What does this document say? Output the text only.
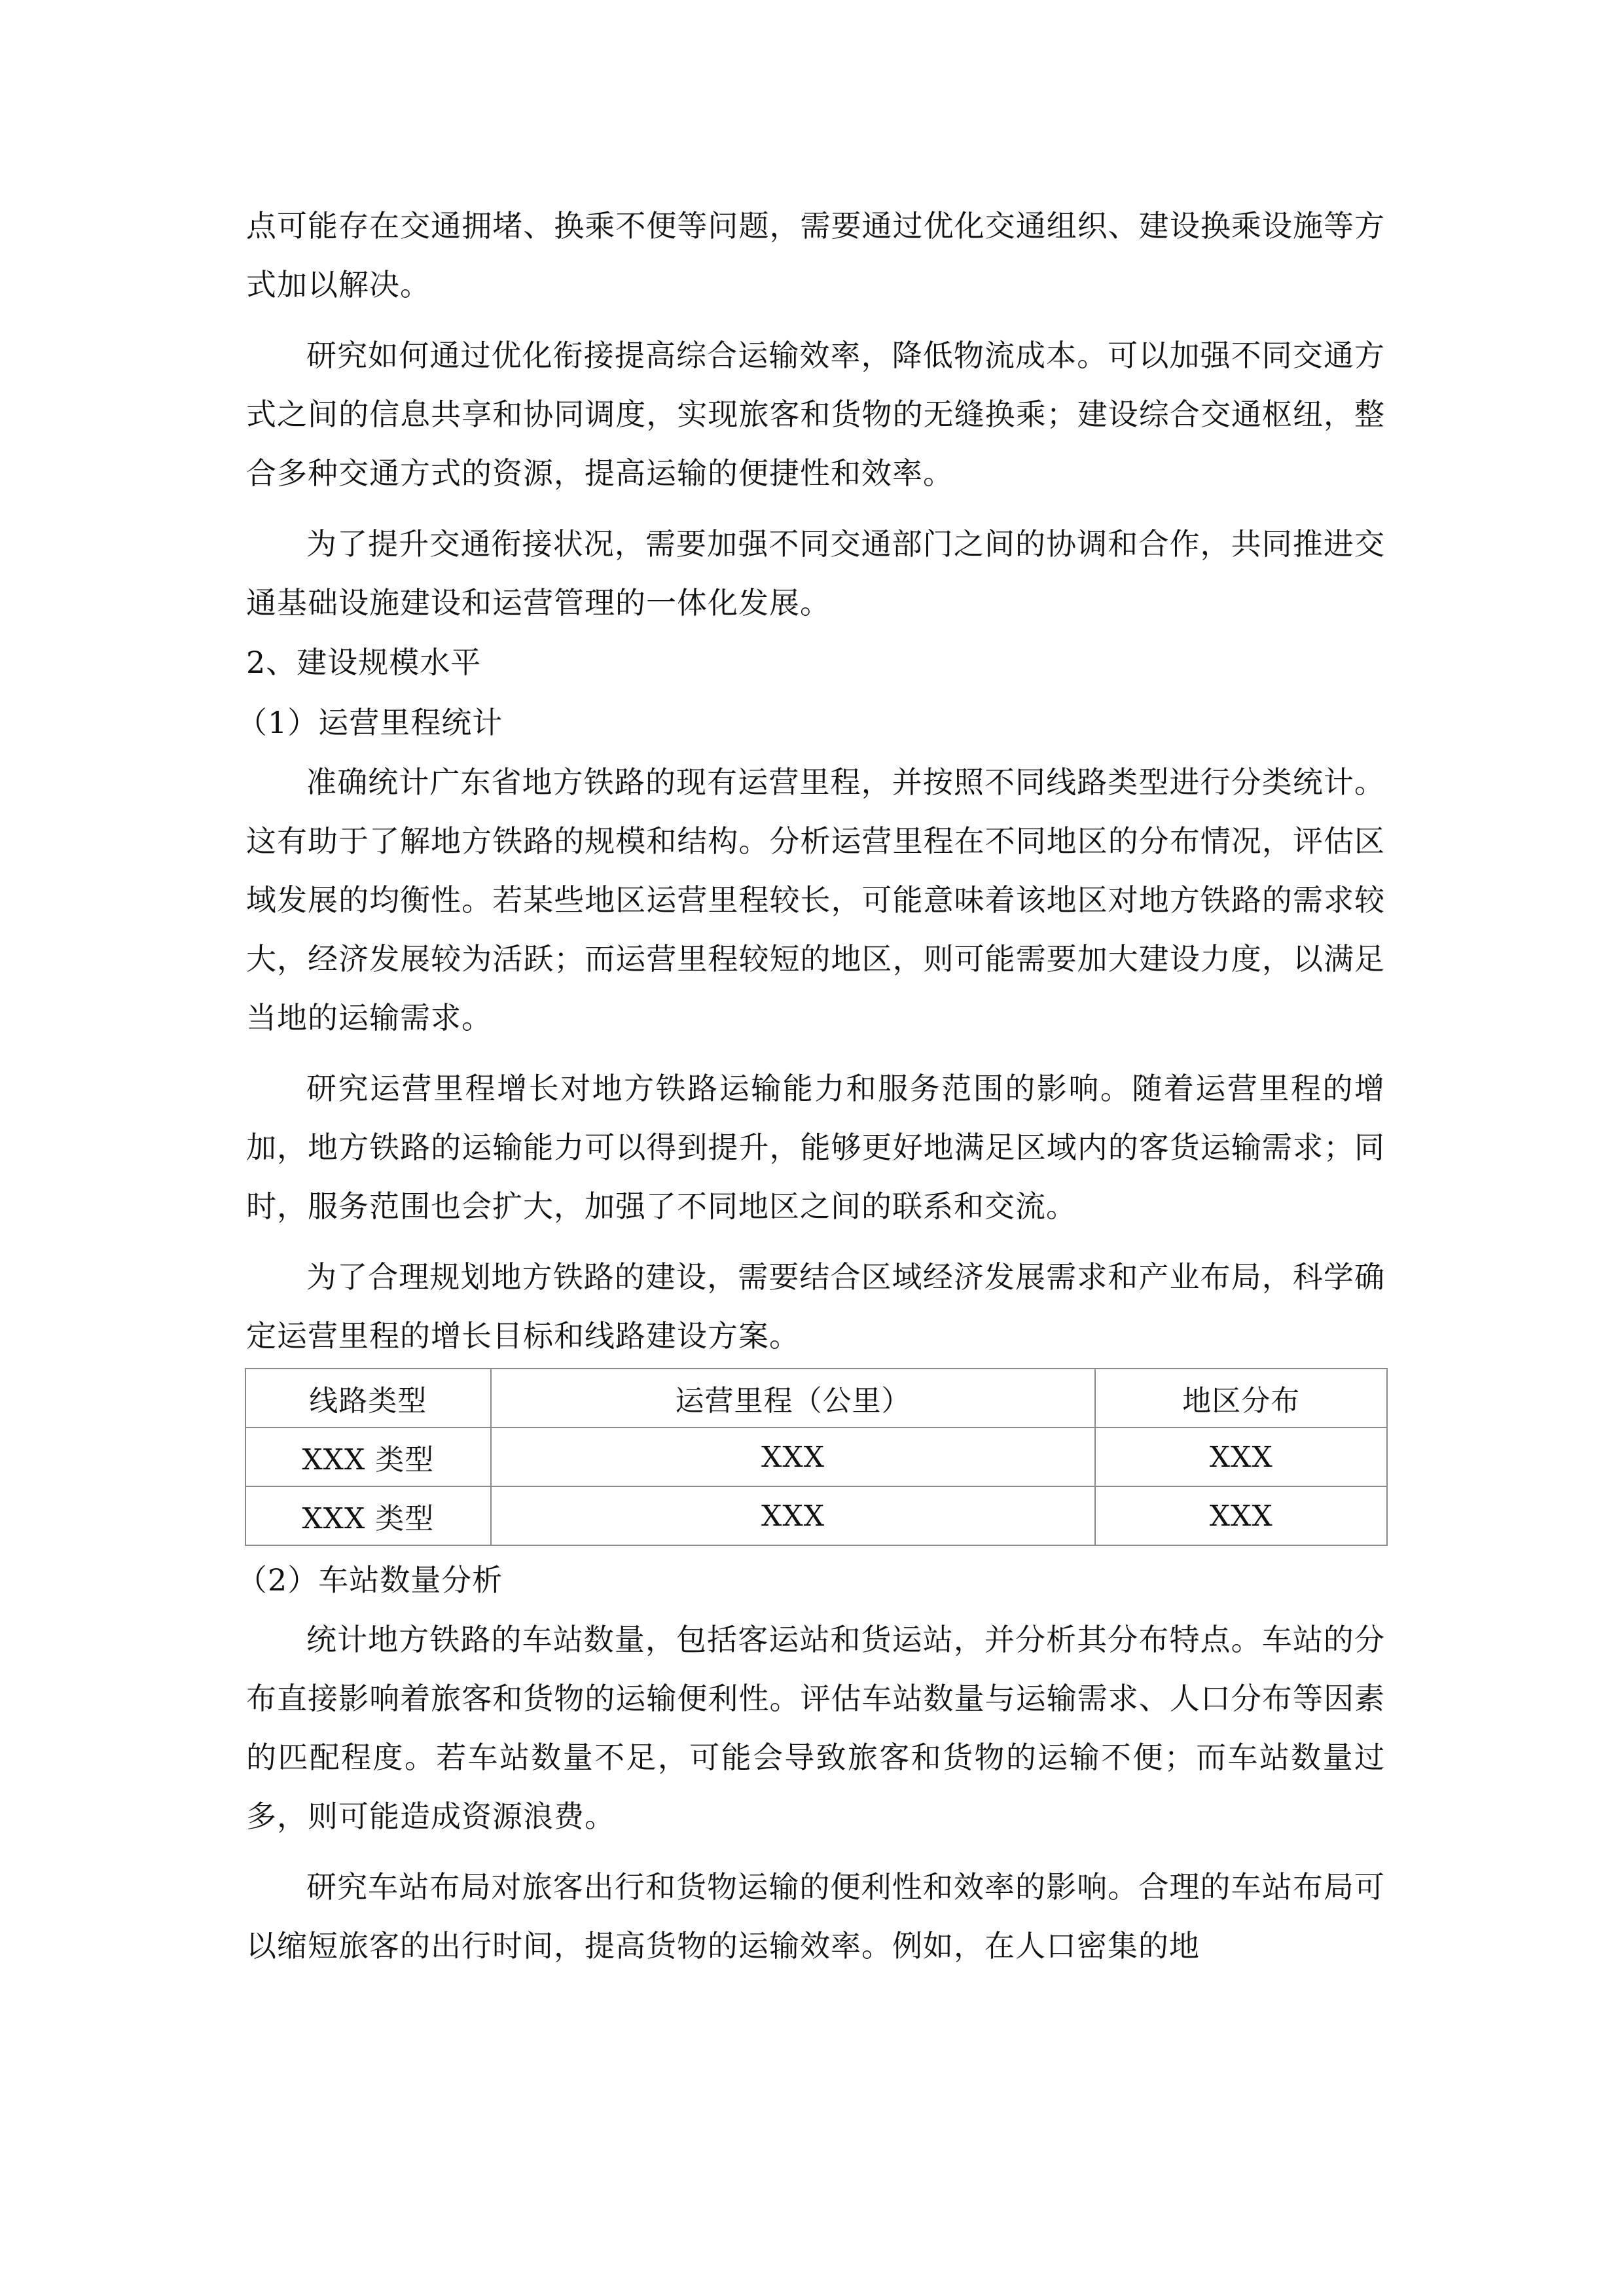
点可能存在交通拥堵、换乘不便等问题，需要通过优化交通组织、建设换乘设施等方式加以解决。

研究如何通过优化衔接提高综合运输效率，降低物流成本。可以加强不同交通方式之间的信息共享和协同调度，实现旅客和货物的无缝换乘；建设综合交通枢纽，整合多种交通方式的资源，提高运输的便捷性和效率。

为了提升交通衔接状况，需要加强不同交通部门之间的协调和合作，共同推进交通基础设施建设和运营管理的一体化发展。

2、建设规模水平

（1）运营里程统计

准确统计广东省地方铁路的现有运营里程，并按照不同线路类型进行分类统计。这有助于了解地方铁路的规模和结构。分析运营里程在不同地区的分布情况，评估区域发展的均衡性。若某些地区运营里程较长，可能意味着该地区对地方铁路的需求较大，经济发展较为活跃；而运营里程较短的地区，则可能需要加大建设力度，以满足当地的运输需求。

研究运营里程增长对地方铁路运输能力和服务范围的影响。随着运营里程的增加，地方铁路的运输能力可以得到提升，能够更好地满足区域内的客货运输需求；同时，服务范围也会扩大，加强了不同地区之间的联系和交流。

为了合理规划地方铁路的建设，需要结合区域经济发展需求和产业布局，科学确定运营里程的增长目标和线路建设方案。

线路类型	运营里程（公里）	地区分布
XXX 类型	XXX	XXX
XXX 类型	XXX	XXX

（2）车站数量分析

统计地方铁路的车站数量，包括客运站和货运站，并分析其分布特点。车站的分布直接影响着旅客和货物的运输便利性。评估车站数量与运输需求、人口分布等因素的匹配程度。若车站数量不足，可能会导致旅客和货物的运输不便；而车站数量过多，则可能造成资源浪费。

研究车站布局对旅客出行和货物运输的便利性和效率的影响。合理的车站布局可以缩短旅客的出行时间，提高货物的运输效率。例如，在人口密集的地
